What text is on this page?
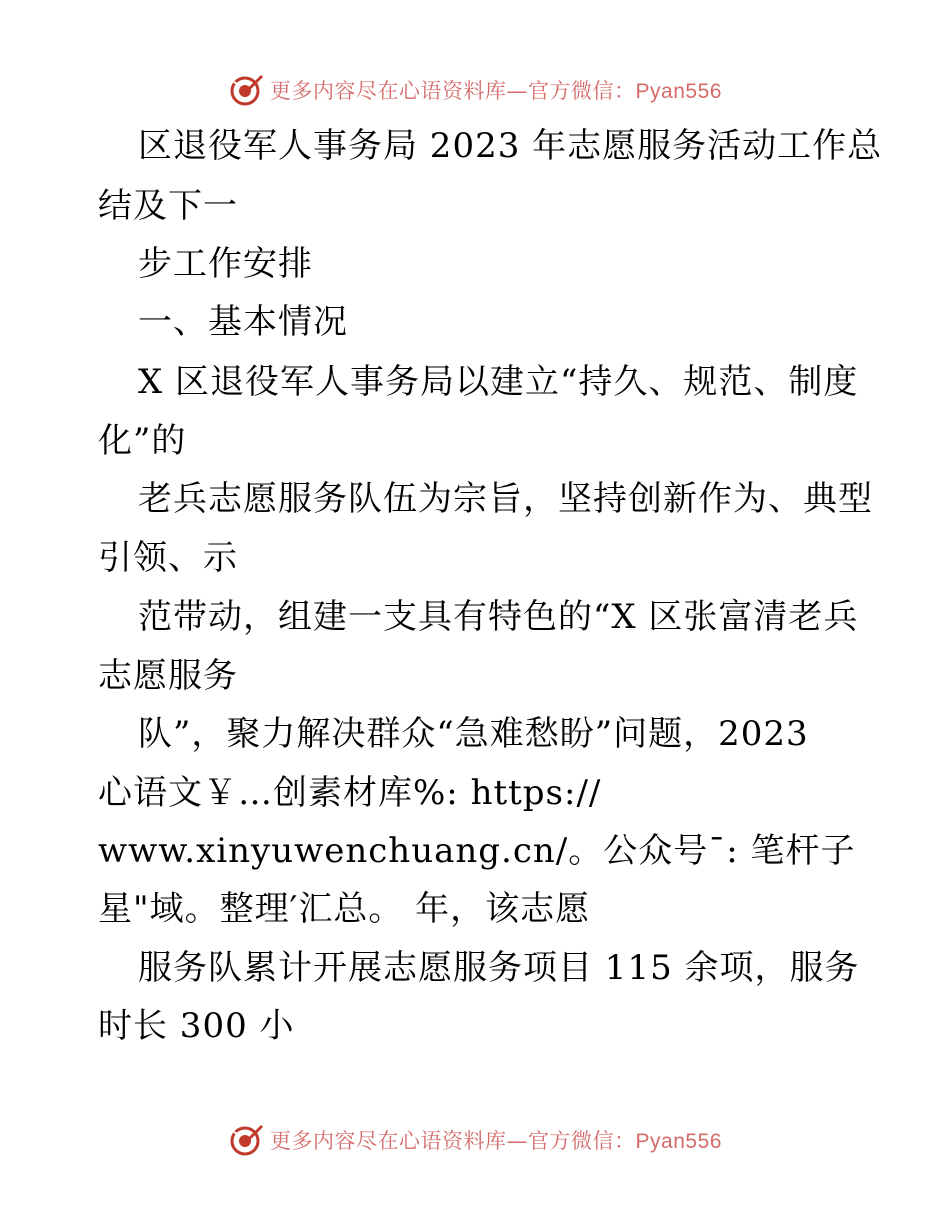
更多内容尽在心语资料库—官方微信：Pyan556
区退役军人事务局 2023 年志愿服务活动工作总
结及下一
步工作安排
一、基本情况
X 区退役军人事务局以建立“持久、规范、制度
化”的
老兵志愿服务队伍为宗旨，坚持创新作为、典型
引领、示
范带动，组建一支具有特色的“X 区张富清老兵
志愿服务
队”，聚力解决群众“急难愁盼”问题，2023
心语文￥…创素材库%: https://
www.xinyuwenchuang.cn/。公众号¯: 笔杆子
星"域。整理′汇总。 年，该志愿
服务队累计开展志愿服务项目 115 余项，服务
时长 300 小
更多内容尽在心语资料库—官方微信：Pyan556
